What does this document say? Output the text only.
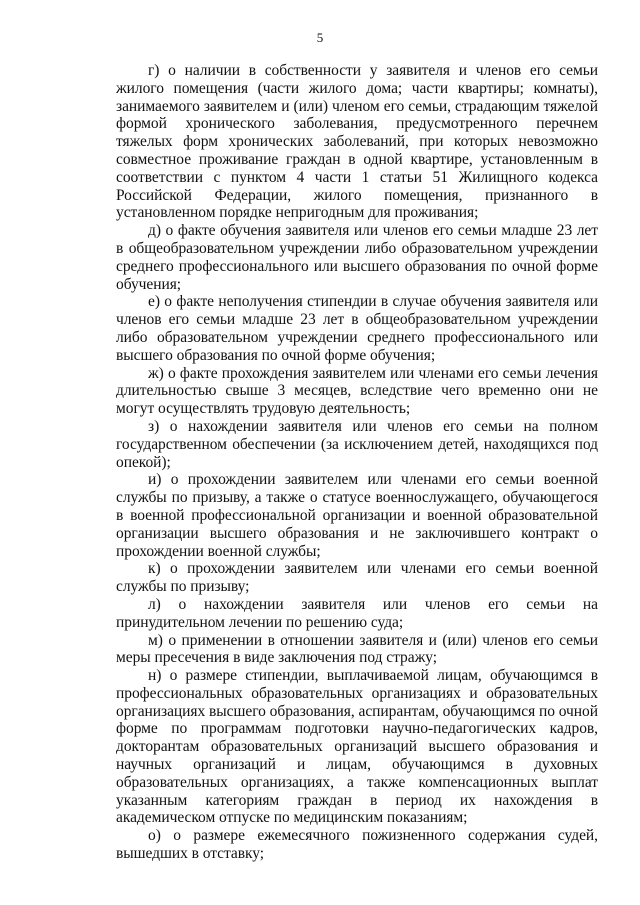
5

г) о наличии в собственности у заявителя и членов его семьи жилого помещения (части жилого дома; части квартиры; комнаты), занимаемого заявителем и (или) членом его семьи, страдающим тяжелой формой хронического заболевания, предусмотренного перечнем тяжелых форм хронических заболеваний, при которых невозможно совместное проживание граждан в одной квартире, установленным в соответствии с пунктом 4 части 1 статьи 51 Жилищного кодекса Российской Федерации, жилого помещения, признанного в установленном порядке непригодным для проживания;

д) о факте обучения заявителя или членов его семьи младше 23 лет в общеобразовательном учреждении либо образовательном учреждении среднего профессионального или высшего образования по очной форме обучения;

е) о факте неполучения стипендии в случае обучения заявителя или членов его семьи младше 23 лет в общеобразовательном учреждении либо образовательном учреждении среднего профессионального или высшего образования по очной форме обучения;

ж) о факте прохождения заявителем или членами его семьи лечения длительностью свыше 3 месяцев, вследствие чего временно они не могут осуществлять трудовую деятельность;

з) о нахождении заявителя или членов его семьи на полном государственном обеспечении (за исключением детей, находящихся под опекой);

и) о прохождении заявителем или членами его семьи военной службы по призыву, а также о статусе военнослужащего, обучающегося в военной профессиональной организации и военной образовательной организации высшего образования и не заключившего контракт о прохождении военной службы;

к) о прохождении заявителем или членами его семьи военной службы по призыву;

л) о нахождении заявителя или членов его семьи на принудительном лечении по решению суда;

м) о применении в отношении заявителя и (или) членов его семьи меры пресечения в виде заключения под стражу;

н) о размере стипендии, выплачиваемой лицам, обучающимся в профессиональных образовательных организациях и образовательных организациях высшего образования, аспирантам, обучающимся по очной форме по программам подготовки научно-педагогических кадров, докторантам образовательных организаций высшего образования и научных организаций и лицам, обучающимся в духовных образовательных организациях, а также компенсационных выплат указанным категориям граждан в период их нахождения в академическом отпуске по медицинским показаниям;

о) о размере ежемесячного пожизненного содержания судей, вышедших в отставку;
